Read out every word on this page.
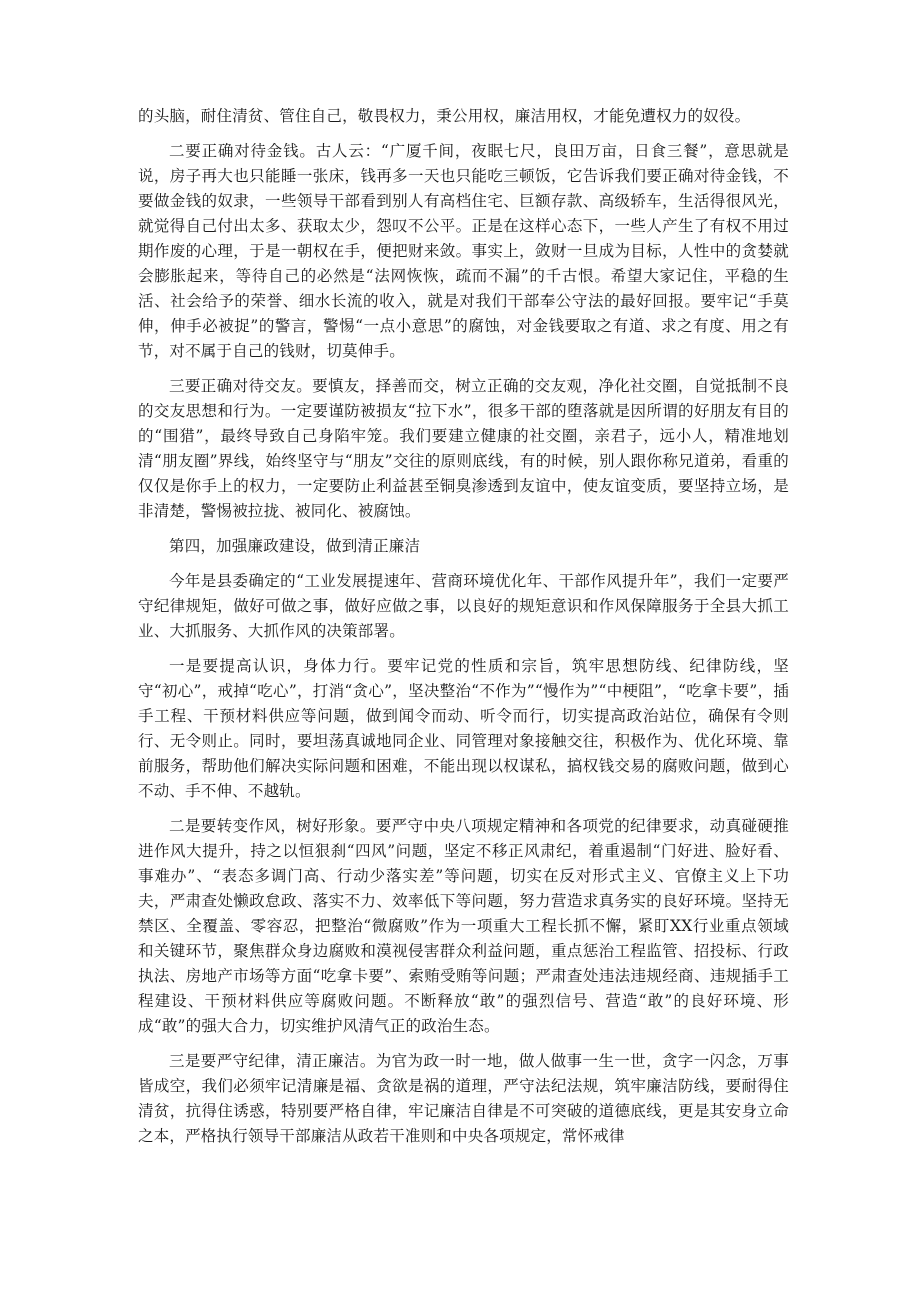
的头脑，耐住清贫、管住自己，敬畏权力，秉公用权，廉洁用权，才能免遭权力的奴役。

二要正确对待金钱。古人云：“广厦千间，夜眠七尺，良田万亩，日食三餐”，意思就是说，房子再大也只能睡一张床，钱再多一天也只能吃三顿饭，它告诉我们要正确对待金钱，不要做金钱的奴隶，一些领导干部看到别人有高档住宅、巨额存款、高级轿车，生活得很风光，就觉得自己付出太多、获取太少，怨叹不公平。正是在这样心态下，一些人产生了有权不用过期作废的心理，于是一朝权在手，便把财来敛。事实上，敛财一旦成为目标，人性中的贪婪就会膨胀起来，等待自己的必然是“法网恢恢，疏而不漏”的千古恨。希望大家记住，平稳的生活、社会给予的荣誉、细水长流的收入，就是对我们干部奉公守法的最好回报。要牢记“手莫伸，伸手必被捉”的警言，警惕“一点小意思”的腐蚀，对金钱要取之有道、求之有度、用之有节，对不属于自己的钱财，切莫伸手。

三要正确对待交友。要慎友，择善而交，树立正确的交友观，净化社交圈，自觉抵制不良的交友思想和行为。一定要谨防被损友“拉下水”，很多干部的堕落就是因所谓的好朋友有目的的“围猎”，最终导致自己身陷牢笼。我们要建立健康的社交圈，亲君子，远小人，精准地划清“朋友圈”界线，始终坚守与“朋友”交往的原则底线，有的时候，别人跟你称兄道弟，看重的仅仅是你手上的权力，一定要防止利益甚至铜臭渗透到友谊中，使友谊变质，要坚持立场，是非清楚，警惕被拉拢、被同化、被腐蚀。

第四，加强廉政建设，做到清正廉洁

今年是县委确定的“工业发展提速年、营商环境优化年、干部作风提升年”，我们一定要严守纪律规矩，做好可做之事，做好应做之事，以良好的规矩意识和作风保障服务于全县大抓工业、大抓服务、大抓作风的决策部署。

一是要提高认识，身体力行。要牢记党的性质和宗旨，筑牢思想防线、纪律防线，坚守“初心”，戒掉“吃心”，打消“贪心”，坚决整治“不作为”“慢作为”“中梗阻”，“吃拿卡要”，插手工程、干预材料供应等问题，做到闻令而动、听令而行，切实提高政治站位，确保有令则行、无令则止。同时，要坦荡真诚地同企业、同管理对象接触交往，积极作为、优化环境、靠前服务，帮助他们解决实际问题和困难，不能出现以权谋私，搞权钱交易的腐败问题，做到心不动、手不伸、不越轨。

二是要转变作风，树好形象。要严守中央八项规定精神和各项党的纪律要求，动真碰硬推进作风大提升，持之以恒狠刹“四风”问题，坚定不移正风肃纪，着重遏制“门好进、脸好看、事难办”、“表态多调门高、行动少落实差”等问题，切实在反对形式主义、官僚主义上下功夫，严肃查处懒政怠政、落实不力、效率低下等问题，努力营造求真务实的良好环境。坚持无禁区、全覆盖、零容忍，把整治“微腐败”作为一项重大工程长抓不懈，紧盯XX行业重点领域和关键环节，聚焦群众身边腐败和漠视侵害群众利益问题，重点惩治工程监管、招投标、行政执法、房地产市场等方面“吃拿卡要”、索贿受贿等问题；严肃查处违法违规经商、违规插手工程建设、干预材料供应等腐败问题。不断释放“敢”的强烈信号、营造“敢”的良好环境、形成“敢”的强大合力，切实维护风清气正的政治生态。

三是要严守纪律，清正廉洁。为官为政一时一地，做人做事一生一世，贪字一闪念，万事皆成空，我们必须牢记清廉是福、贪欲是祸的道理，严守法纪法规，筑牢廉洁防线，要耐得住清贫，抗得住诱惑，特别要严格自律，牢记廉洁自律是不可突破的道德底线，更是其安身立命之本，严格执行领导干部廉洁从政若干准则和中央各项规定，常怀戒律
